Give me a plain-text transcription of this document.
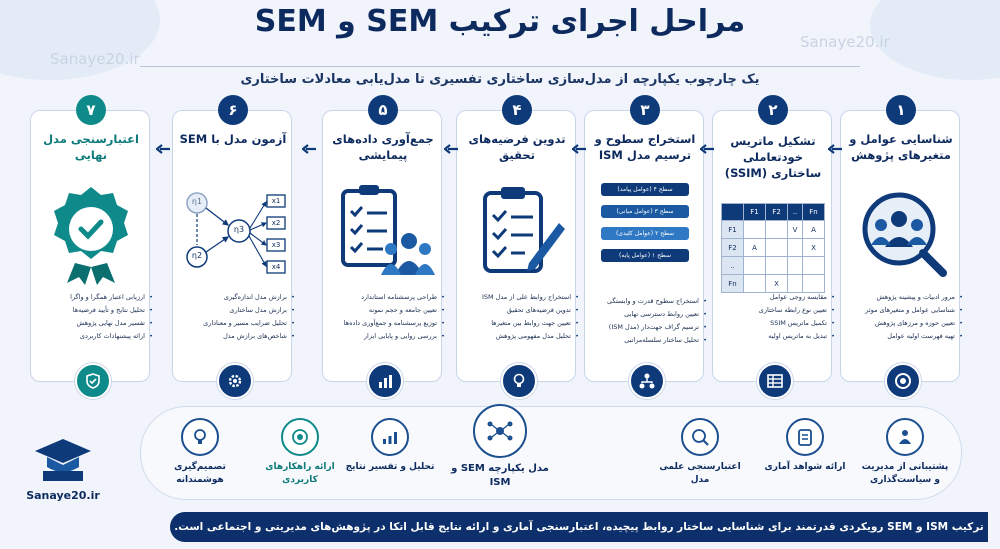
مراحل اجرای ترکیب SEM و SEM
Sanaye20.ir
Sanaye20.ir
یک چارچوب یکپارچه از مدل‌سازی ساختاری تفسیری تا مدل‌یابی معادلات ساختاری
۱
شناسایی عوامل و متغیرهای پژوهش
• مرور ادبیات و پیشینه پژوهش
• شناسایی عوامل و متغیرهای موثر
• تعیین حوزه و مرزهای پژوهش
• تهیه فهرست اولیه عوامل
۲
تشکیل ماتریس خودتعاملی ساختاری (SSIM)
	F1	F2	..	Fn
F1			V	A
F2	A			X
..				
Fn		X		
• مقایسه زوجی عوامل
• تعیین نوع رابطه ساختاری
• تکمیل ماتریس SSIM
• تبدیل به ماتریس اولیه
۳
استخراج سطوح و ترسیم مدل ISM
سطح ۴ (عوامل پیامد)
سطح ۳ (عوامل میانی)
سطح ۲ (عوامل کلیدی)
سطح ۱ (عوامل پایه)
• استخراج سطوح قدرت و وابستگی
• تعیین روابط دسترسی نهایی
• ترسیم گراف جهت‌دار (مدل ISM)
• تحلیل ساختار سلسله‌مراتبی
۴
تدوین فرضیه‌های تحقیق
• استخراج روابط علی از مدل ISM
• تدوین فرضیه‌های تحقیق
• تعیین جهت روابط بین متغیرها
• تحلیل مدل مفهومی پژوهش
۵
جمع‌آوری داده‌های پیمایشی
• طراحی پرسشنامه استاندارد
• تعیین جامعه و حجم نمونه
• توزیع پرسشنامه و جمع‌آوری داده‌ها
• بررسی روایی و پایایی ابزار
۶
آزمون مدل با SEM
η1
η2
η3
x1
x2
x3
x4
• برازش مدل اندازه‌گیری
• برازش مدل ساختاری
• تحلیل ضرایب مسیر و معناداری
• شاخص‌های برازش مدل
۷
اعتبارسنجی مدل نهایی
• ارزیابی اعتبار همگرا و واگرا
• تحلیل نتایج و تأیید فرضیه‌ها
• تفسیر مدل نهایی پژوهش
• ارائه پیشنهادات کاربردی
پشتیبانی از مدیریت و سیاست‌گذاری
ارائه شواهد آماری
اعتبارسنجی علمی مدل
مدل یکپارچه SEM و ISM
تحلیل و تفسیر نتایج
ارائه راهکارهای کاربردی
تصمیم‌گیری هوشمندانه
Sanaye20.ir
ترکیب ISM و SEM رویکردی قدرتمند برای شناسایی ساختار روابط پیچیده، اعتبارسنجی آماری و ارائه نتایج قابل اتکا در پژوهش‌های مدیریتی و اجتماعی است.
